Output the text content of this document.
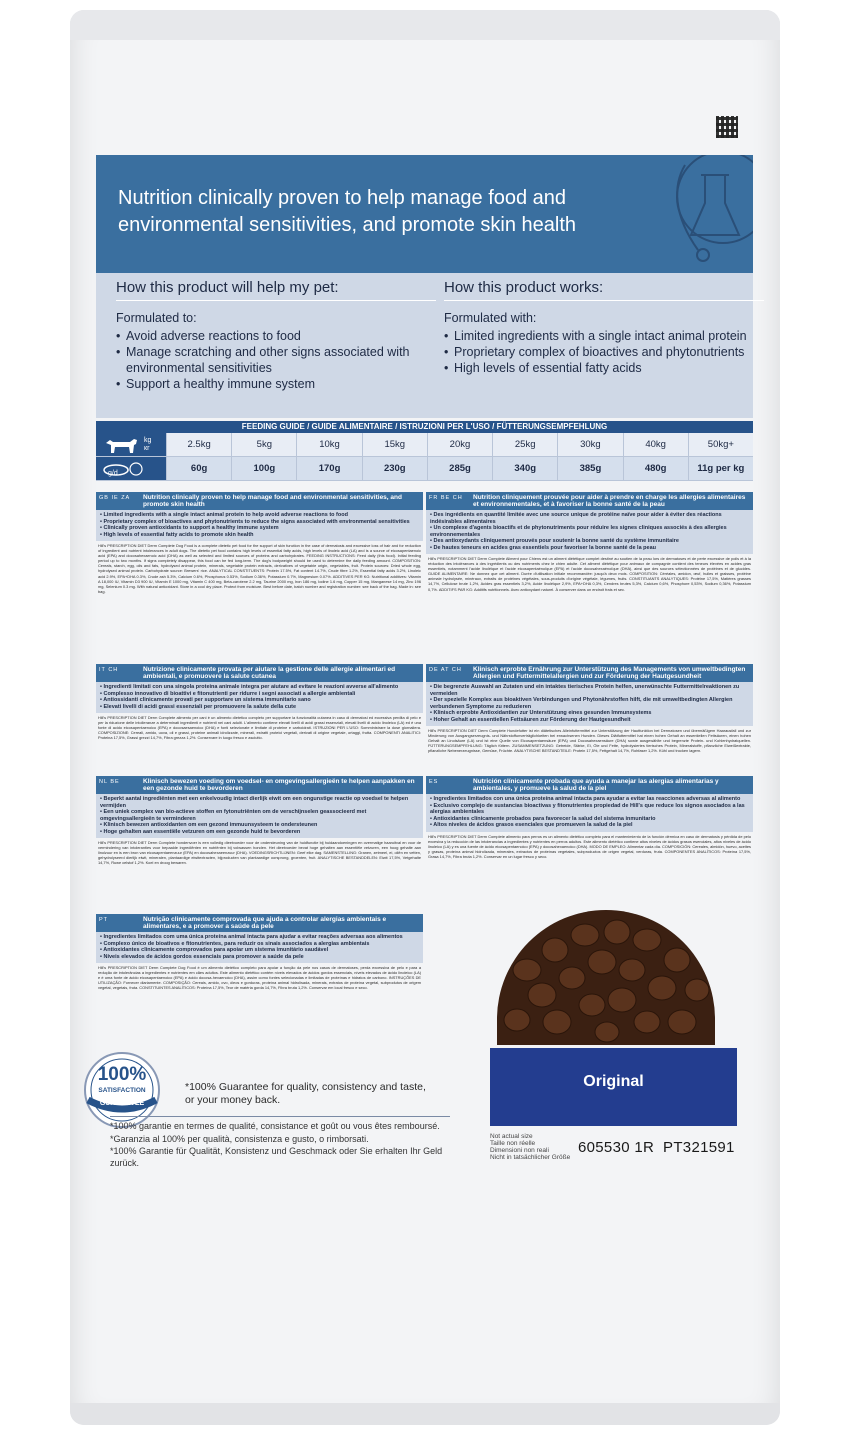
Nutrition clinically proven to help manage food and environmental sensitivities, and promote skin health
How this product will help my pet:
Formulated to:
• Avoid adverse reactions to food
• Manage scratching and other signs associated with environmental sensitivities
• Support a healthy immune system
How this product works:
Formulated with:
• Limited ingredients with a single intact animal protein
• Proprietary complex of bioactives and phytonutrients
• High levels of essential fatty acids
FEEDING GUIDE / GUIDE ALIMENTAIRE / ISTRUZIONI PER L'USO / FÜTTERUNGSEMPFEHLUNG
kg
кг	2.5kg	5kg	10kg	15kg	20kg	25kg	30kg	40kg	50kg+
g/d	60g	100g	170g	230g	285g	340g	385g	480g	11g per kg
GB IE ZA	Nutrition clinically proven to help manage food and environmental sensitivities, and promote skin health
• Limited ingredients with a single intact animal protein to help avoid adverse reactions to food
• Proprietary complex of bioactives and phytonutrients to reduce the signs associated with environmental sensitivities
• Clinically proven antioxidants to support a healthy immune system
• High levels of essential fatty acids to promote skin health
Hill's PRESCRIPTION DIET Derm Complete Dog Food is a complete dietetic pet food for the support of skin function in the case of dermatosis and excessive loss of hair and for reduction of ingredient and nutrient intolerances in adult dogs. The dietetic pet food contains high levels of essential fatty acids, high levels of linoleic acid (LA) and is a source of eicosapentaenoic acid (EPA) and docosahexaenoic acid (DHA) as well as selected and limited sources of proteins and carbohydrates. FEEDING INSTRUCTIONS: Feed daily (this food). Initial feeding period up to two months. If signs completely disappear, this food can be fed long-term. The dog's bodyweight should be used to determine the daily feeding amount. COMPOSITION: Cereals, starch, egg, oils and fats, hydrolysed animal protein, minerals, vegetable protein extracts, derivatives of vegetable origin, vegetables, fruit. Protein sources: Dried whole egg, hydrolysed animal protein. Carbohydrate source: Brewers' rice. ANALYTICAL CONSTITUENTS: Protein 17.5%, Fat content 14.7%, Crude fibre 1.2%, Essential fatty acids 3.2%, Linoleic acid 2.9%, EPA+DHA 0.3%, Crude ash 5.3%, Calcium 0.6%, Phosphorus 0.53%, Sodium 0.36%, Potassium 0.7%, Magnesium 0.07%. ADDITIVES PER KG: Nutritional additives: Vitamin A 18,000 IU, Vitamin D3 900 IU, Vitamin E 1000 mg, Vitamin C 400 mg, Beta-carotene 2.2 mg, Taurine 2000 mg, Iron 186 mg, Iodine 1.6 mg, Copper 15 mg, Manganese 14 mg, Zinc 196 mg, Selenium 0.3 mg. With natural antioxidant. Store in a cool dry place. Protect from moisture. Best before date, batch number and registration number: see back of the bag. Made in: see bag.
FR BE CH	Nutrition cliniquement prouvée pour aider à prendre en charge les allergies alimentaires et environnementales, et à favoriser la bonne santé de la peau
• Des ingrédients en quantité limitée avec une source unique de protéine naïve pour aider à éviter des réactions indésirables alimentaires
• Un complexe d'agents bioactifs et de phytonutriments pour réduire les signes cliniques associés à des allergies environnementales
• Des antioxydants cliniquement prouvés pour soutenir la bonne santé du système immunitaire
• De hautes teneurs en acides gras essentiels pour favoriser la bonne santé de la peau
Hill's PRESCRIPTION DIET Derm Complete Aliment pour Chiens est un aliment diététique complet destiné au soutien de la peau lors de dermatoses et de perte excessive de poils et à la réduction des intolérances à des ingrédients ou des nutriments chez le chien adulte. Cet aliment diététique pour animaux de compagnie contient des teneurs élevées en acides gras essentiels, notamment l'acide linoléique et l'acide eicosapentaénoïque (EPA) et l'acide docosahexaénoïque (DHA), ainsi que des sources sélectionnées de protéines et de glucides. GUIDE ALIMENTAIRE: Ne donnez que cet aliment. Durée d'utilisation initiale recommandée: jusqu'à deux mois. COMPOSITION: Céréales, amidon, œuf, huiles et graisses, protéine animale hydrolysée, minéraux, extraits de protéines végétales, sous-produits d'origine végétale, légumes, fruits. CONSTITUANTS ANALYTIQUES: Protéine 17,5%, Matières grasses 14,7%, Cellulose brute 1,2%, Acides gras essentiels 3,2%, Acide linoléique 2,9%, EPA+DHA 0,3%, Cendres brutes 5,3%, Calcium 0,6%, Phosphore 0,53%, Sodium 0,36%, Potassium 0,7%. ADDITIFS PAR KG: Additifs nutritionnels. Avec antioxydant naturel. À conserver dans un endroit frais et sec.
IT CH	Nutrizione clinicamente provata per aiutare la gestione delle allergie alimentari ed ambientali, e promuovere la salute cutanea
• Ingredienti limitati con una singola proteina animale integra per aiutare ad evitare le reazioni avverse all'alimento
• Complesso innovativo di bioattivi e fitonutrienti per ridurre i segni associati a allergie ambientali
• Antiossidanti clinicamente provati per supportare un sistema immunitario sano
• Elevati livelli di acidi grassi essenziali per promuovere la salute della cute
Hill's PRESCRIPTION DIET Derm Complete alimento per cani è un alimento dietetico completo per supportare la funzionalità cutanea in caso di dermatosi ed eccessiva perdita di pelo e per la riduzione delle intolleranze a determinati ingredienti e nutrienti nei cani adulti. L'alimento contiene elevati livelli di acidi grassi essenziali, elevati livelli di acido linoleico (LA) ed è una fonte di acido eicosapentaenoico (EPA) e docosaesaenoico (DHA) e fonti selezionate e limitate di proteine e carboidrati. ISTRUZIONI PER L'USO: Somministrare la dose giornaliera. COMPOSIZIONE: Cereali, amido, uova, oli e grassi, proteine animali idrolizzate, minerali, estratti proteici vegetali, derivati di origine vegetale, ortaggi, frutta. COMPONENTI ANALITICI: Proteina 17,5%, Grassi grezzi 14,7%, Fibra grezza 1,2%. Conservare in luogo fresco e asciutto.
DE AT CH	Klinisch erprobte Ernährung zur Unterstützung des Managements von umweltbedingten Allergien und Futtermittelallergien und zur Förderung der Hautgesundheit
• Die begrenzte Auswahl an Zutaten und ein intaktes tierisches Protein helfen, unerwünschte Futtermittelreaktionen zu vermeiden
• Der spezielle Komplex aus bioaktiven Verbindungen und Phytonährstoffen hilft, die mit umweltbedingten Allergien verbundenen Symptome zu reduzieren
• Klinisch erprobte Antioxidantien zur Unterstützung eines gesunden Immunsystems
• Hoher Gehalt an essentiellen Fettsäuren zur Förderung der Hautgesundheit
Hill's PRESCRIPTION DIET Derm Complete Hundefutter ist ein diätetisches Alleinfuttermittel zur Unterstützung der Hautfunktion bei Dermatosen und übermäßigem Haarausfall und zur Minderung von Ausgangserzeugnis- und Nährstoffunverträglichkeiten bei erwachsenen Hunden. Dieses Diätfuttermittel hat einen hohen Gehalt an essentiellen Fettsäuren, einen hohen Gehalt an Linolsäure (LA) und ist eine Quelle von Eicosapentaensäure (EPA) und Docosahexaensäure (DHA) sowie ausgewählte und begrenzte Protein- und Kohlenhydratquellen. FÜTTERUNGSEMPFEHLUNG: Täglich füttern. ZUSAMMENSETZUNG: Getreide, Stärke, Ei, Öle und Fette, hydrolysiertes tierisches Protein, Mineralstoffe, pflanzliche Eiweißextrakte, pflanzliche Nebenerzeugnisse, Gemüse, Früchte. ANALYTISCHE BESTANDTEILE: Protein 17,5%, Fettgehalt 14,7%, Rohfaser 1,2%. Kühl und trocken lagern.
NL BE	Klinisch bewezen voeding om voedsel- en omgevingsallergieën te helpen aanpakken en een gezonde huid te bevorderen
• Beperkt aantal ingrediënten met een enkelvoudig intact dierlijk eiwit om een ongunstige reactie op voedsel te helpen vermijden
• Een uniek complex van bio-actieve stoffen en fytonutriënten om de verschijnselen geassocieerd met omgevingsallergieën te verminderen
• Klinisch bewezen antioxidanten om een gezond immuunsysteem te ondersteunen
• Hoge gehalten aan essentiële vetzuren om een gezonde huid te bevorderen
Hill's PRESCRIPTION DIET Derm Complete hondenvoer is een volledig dieetvoeder voor de ondersteuning van de huidfunctie bij huidaandoeningen en overmatige haaruitval en voor de vermindering van intoleranties voor bepaalde ingrediënten en nutriënten bij volwassen honden. Het dieetvoeder bevat hoge gehalten aan essentiële vetzuren, een hoog gehalte aan linolzuur en is een bron van eicosapentaeenzuur (EPA) en docosahexaeenzuur (DHA). VOEDINGSRICHTLIJNEN: Geef elke dag. SAMENSTELLING: Granen, zetmeel, ei, oliën en vetten, gehydrolyseerd dierlijk eiwit, mineralen, plantaardige eiwitextracten, bijproducten van plantaardige oorsprong, groenten, fruit. ANALYTISCHE BESTANDDELEN: Eiwit 17,5%, Vetgehalte 14,7%, Ruwe celstof 1,2%. Koel en droog bewaren.
ES	Nutrición clínicamente probada que ayuda a manejar las alergias alimentarias y ambientales, y promueve la salud de la piel
• Ingredientes limitados con una única proteína animal intacta para ayudar a evitar las reacciones adversas al alimento
• Exclusivo complejo de sustancias bioactivas y fitonutrientes propiedad de Hill's que reduce los signos asociados a las alergias ambientales
• Antioxidantes clínicamente probados para favorecer la salud del sistema inmunitario
• Altos niveles de ácidos grasos esenciales que promueven la salud de la piel
Hill's PRESCRIPTION DIET Derm Complete alimento para perros es un alimento dietético completo para el mantenimiento de la función dérmica en caso de dermatosis y pérdida de pelo excesiva y la reducción de las intolerancias a ingredientes y nutrientes en perros adultos. Este alimento dietético contiene altos niveles de ácidos grasos esenciales, altos niveles de ácido linoleico (LA) y es una fuente de ácido eicosapentaenoico (EPA) y docosahexaenoico (DHA). MODO DE EMPLEO: Alimentar cada día. COMPOSICIÓN: Cereales, almidón, huevo, aceites y grasas, proteína animal hidrolizada, minerales, extractos de proteínas vegetales, subproductos de origen vegetal, verduras, fruta. COMPONENTES ANALÍTICOS: Proteína 17,5%, Grasa 14,7%, Fibra bruta 1,2%. Conservar en un lugar fresco y seco.
PT	Nutrição clinicamente comprovada que ajuda a controlar alergias ambientais e alimentares, e a promover a saúde da pele
• Ingredientes limitados com uma única proteína animal intacta para ajudar a evitar reações adversas aos alimentos
• Complexo único de bioativos e fitonutrientes, para reduzir os sinais associados a alergias ambientais
• Antioxidantes clinicamente comprovados para apoiar um sistema imunitário saudável
• Níveis elevados de ácidos gordos essenciais para promover a saúde da pele
Hill's PRESCRIPTION DIET Derm Complete Dog Food é um alimento dietético completo para apoiar a função da pele nos casos de dermatoses, perda excessiva de pelo e para a redução de intolerâncias a ingredientes e nutrientes em cães adultos. Este alimento dietético contém níveis elevados de ácidos gordos essenciais, níveis elevados de ácido linoleico (LA) e é uma fonte de ácido eicosapentaenoico (EPA) e ácido docosa-hexaenoico (DHA), assim como fontes selecionadas e limitadas de proteínas e hidratos de carbono. INSTRUÇÕES DE UTILIZAÇÃO: Fornecer diariamente. COMPOSIÇÃO: Cereais, amido, ovo, óleos e gorduras, proteína animal hidrolisada, minerais, extratos de proteína vegetal, subprodutos de origem vegetal, vegetais, fruta. CONSTITUINTES ANALÍTICOS: Proteína 17,5%, Teor de matéria gorda 14,7%, Fibra bruta 1,2%. Conservar em local fresco e seco.
Original
Not actual size
Taille non réelle
Dimensioni non reali
Nicht in tatsächlicher Größe
605530 1R  PT321591
100%
SATISFACTION
GUARANTEE
*100% Guarantee for quality, consistency and taste, or your money back.

*100% garantie en termes de qualité, consistance et goût ou vous êtes remboursé.

*Garanzia al 100% per qualità, consistenza e gusto, o rimborsati.

*100% Garantie für Qualität, Konsistenz und Geschmack oder Sie erhalten Ihr Geld zurück.
